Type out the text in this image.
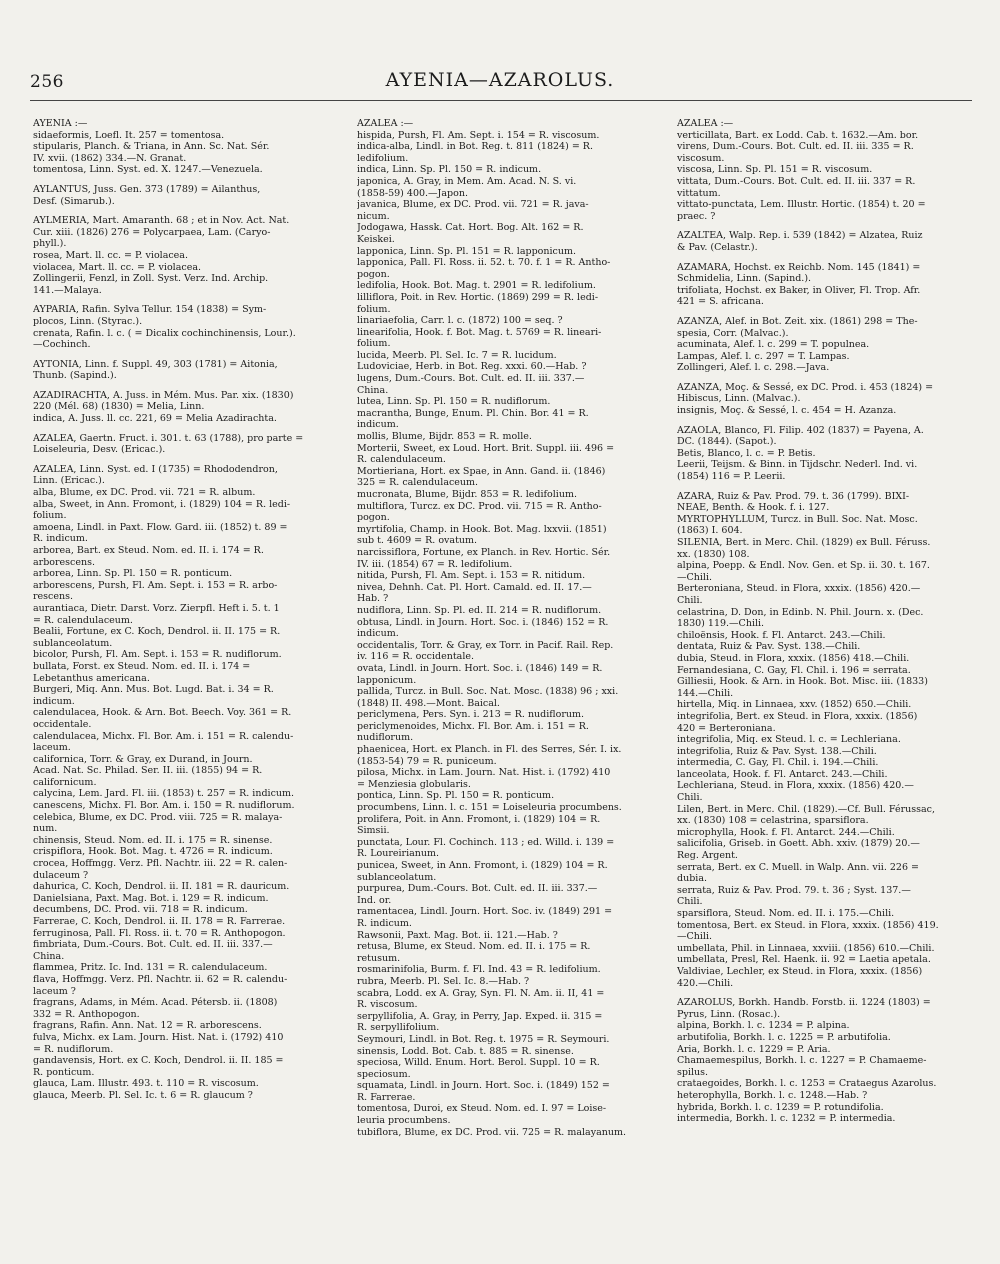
256	AYENIA—AZAROLUS.
AYENIA :—
sidaeformis, Loefl. It. 257 = tomentosa.
stipularis, Planch. & Triana, in Ann. Sc. Nat. Sér.
IV. xvii. (1862) 334.—N. Granat.
tomentosa, Linn. Syst. ed. X. 1247.—Venezuela.
AYLANTUS, Juss. Gen. 373 (1789) = Ailanthus,
Desf. (Simarub.).
AYLMERIA, Mart. Amaranth. 68 ; et in Nov. Act. Nat.
Cur. xiii. (1826) 276 = Polycarpaea, Lam. (Caryo-
phyll.).
rosea, Mart. ll. cc. = P. violacea.
violacea, Mart. ll. cc. = P. violacea.
Zollingerii, Fenzl, in Zoll. Syst. Verz. Ind. Archip.
141.—Malaya.
AYPARIA, Rafin. Sylva Tellur. 154 (1838) = Sym-
plocos, Linn. (Styrac.).
crenata, Rafin. l. c. ( = Dicalix cochinchinensis, Lour.).
—Cochinch.
AYTONIA, Linn. f. Suppl. 49, 303 (1781) = Aitonia,
Thunb. (Sapind.).
AZADIRACHTA, A. Juss. in Mém. Mus. Par. xix. (1830)
220 (Mél. 68) (1830) = Melia, Linn.
indica, A. Juss. ll. cc. 221, 69 = Melia Azadirachta.
AZALEA, Gaertn. Fruct. i. 301. t. 63 (1788), pro parte =
Loiseleuria, Desv. (Ericac.).
AZALEA, Linn. Syst. ed. I (1735) = Rhododendron,
Linn. (Ericac.).
alba, Blume, ex DC. Prod. vii. 721 = R. album.
alba, Sweet, in Ann. Fromont, i. (1829) 104 = R. ledi-
folium.
amoena, Lindl. in Paxt. Flow. Gard. iii. (1852) t. 89 =
R. indicum.
arborea, Bart. ex Steud. Nom. ed. II. i. 174 = R.
arborescens.
arborea, Linn. Sp. Pl. 150 = R. ponticum.
arborescens, Pursh, Fl. Am. Sept. i. 153 = R. arbo-
rescens.
aurantiaca, Dietr. Darst. Vorz. Zierpfl. Heft i. 5. t. 1
= R. calendulaceum.
Bealii, Fortune, ex C. Koch, Dendrol. ii. II. 175 = R.
sublanceolatum.
bicolor, Pursh, Fl. Am. Sept. i. 153 = R. nudiflorum.
bullata, Forst. ex Steud. Nom. ed. II. i. 174 =
Lebetanthus americana.
Burgeri, Miq. Ann. Mus. Bot. Lugd. Bat. i. 34 = R.
indicum.
calendulacea, Hook. & Arn. Bot. Beech. Voy. 361 = R.
occidentale.
calendulacea, Michx. Fl. Bor. Am. i. 151 = R. calendu-
laceum.
californica, Torr. & Gray, ex Durand, in Journ.
Acad. Nat. Sc. Philad. Ser. II. iii. (1855) 94 = R.
californicum.
calycina, Lem. Jard. Fl. iii. (1853) t. 257 = R. indicum.
canescens, Michx. Fl. Bor. Am. i. 150 = R. nudiflorum.
celebica, Blume, ex DC. Prod. viii. 725 = R. malaya-
num.
chinensis, Steud. Nom. ed. II. i. 175 = R. sinense.
crispiflora, Hook. Bot. Mag. t. 4726 = R. indicum.
crocea, Hoffmgg. Verz. Pfl. Nachtr. iii. 22 = R. calen-
dulaceum ?
dahurica, C. Koch, Dendrol. ii. II. 181 = R. dauricum.
Danielsiana, Paxt. Mag. Bot. i. 129 = R. indicum.
decumbens, DC. Prod. vii. 718 = R. indicum.
Farrerae, C. Koch, Dendrol. ii. II. 178 = R. Farrerae.
ferruginosa, Pall. Fl. Ross. ii. t. 70 = R. Anthopogon.
fimbriata, Dum.-Cours. Bot. Cult. ed. II. iii. 337.—
China.
flammea, Pritz. Ic. Ind. 131 = R. calendulaceum.
flava, Hoffmgg. Verz. Pfl. Nachtr. ii. 62 = R. calendu-
laceum ?
fragrans, Adams, in Mém. Acad. Pétersb. ii. (1808)
332 = R. Anthopogon.
fragrans, Rafin. Ann. Nat. 12 = R. arborescens.
fulva, Michx. ex Lam. Journ. Hist. Nat. i. (1792) 410
= R. nudiflorum.
gandavensis, Hort. ex C. Koch, Dendrol. ii. II. 185 =
R. ponticum.
glauca, Lam. Illustr. 493. t. 110 = R. viscosum.
glauca, Meerb. Pl. Sel. Ic. t. 6 = R. glaucum ?
AZALEA :—
hispida, Pursh, Fl. Am. Sept. i. 154 = R. viscosum.
indica-alba, Lindl. in Bot. Reg. t. 811 (1824) = R.
ledifolium.
indica, Linn. Sp. Pl. 150 = R. indicum.
japonica, A. Gray, in Mem. Am. Acad. N. S. vi.
(1858-59) 400.—Japon.
javanica, Blume, ex DC. Prod. vii. 721 = R. java-
nicum.
Jodogawa, Hassk. Cat. Hort. Bog. Alt. 162 = R.
Keiskei.
lapponica, Linn. Sp. Pl. 151 = R. lapponicum.
lapponica, Pall. Fl. Ross. ii. 52. t. 70. f. 1 = R. Antho-
pogon.
ledifolia, Hook. Bot. Mag. t. 2901 = R. ledifolium.
lilliflora, Poit. in Rev. Hortic. (1869) 299 = R. ledi-
folium.
linariaefolia, Carr. l. c. (1872) 100 = seq. ?
linearifolia, Hook. f. Bot. Mag. t. 5769 = R. lineari-
folium.
lucida, Meerb. Pl. Sel. Ic. 7 = R. lucidum.
Ludoviciae, Herb. in Bot. Reg. xxxi. 60.—Hab. ?
lugens, Dum.-Cours. Bot. Cult. ed. II. iii. 337.—
China.
lutea, Linn. Sp. Pl. 150 = R. nudiflorum.
macrantha, Bunge, Enum. Pl. Chin. Bor. 41 = R.
indicum.
mollis, Blume, Bijdr. 853 = R. molle.
Morterii, Sweet, ex Loud. Hort. Brit. Suppl. iii. 496 =
R. calendulaceum.
Mortieriana, Hort. ex Spae, in Ann. Gand. ii. (1846)
325 = R. calendulaceum.
mucronata, Blume, Bijdr. 853 = R. ledifolium.
multiflora, Turcz. ex DC. Prod. vii. 715 = R. Antho-
pogon.
myrtifolia, Champ. in Hook. Bot. Mag. lxxvii. (1851)
sub t. 4609 = R. ovatum.
narcissiflora, Fortune, ex Planch. in Rev. Hortic. Sér.
IV. iii. (1854) 67 = R. ledifolium.
nitida, Pursh, Fl. Am. Sept. i. 153 = R. nitidum.
nivea, Dehnh. Cat. Pl. Hort. Camald. ed. II. 17.—
Hab. ?
nudiflora, Linn. Sp. Pl. ed. II. 214 = R. nudiflorum.
obtusa, Lindl. in Journ. Hort. Soc. i. (1846) 152 = R.
indicum.
occidentalis, Torr. & Gray, ex Torr. in Pacif. Rail. Rep.
iv. 116 = R. occidentale.
ovata, Lindl. in Journ. Hort. Soc. i. (1846) 149 = R.
lapponicum.
pallida, Turcz. in Bull. Soc. Nat. Mosc. (1838) 96 ; xxi.
(1848) II. 498.—Mont. Baical.
periclymena, Pers. Syn. i. 213 = R. nudiflorum.
periclymenoides, Michx. Fl. Bor. Am. i. 151 = R.
nudiflorum.
phaenicea, Hort. ex Planch. in Fl. des Serres, Sér. I. ix.
(1853-54) 79 = R. puniceum.
pilosa, Michx. in Lam. Journ. Nat. Hist. i. (1792) 410
= Menziesia globularis.
pontica, Linn. Sp. Pl. 150 = R. ponticum.
procumbens, Linn. l. c. 151 = Loiseleuria procumbens.
prolifera, Poit. in Ann. Fromont, i. (1829) 104 = R.
Simsii.
punctata, Lour. Fl. Cochinch. 113 ; ed. Willd. i. 139 =
R. Loureirianum.
punicea, Sweet, in Ann. Fromont, i. (1829) 104 = R.
sublanceolatum.
purpurea, Dum.-Cours. Bot. Cult. ed. II. iii. 337.—
Ind. or.
ramentacea, Lindl. Journ. Hort. Soc. iv. (1849) 291 =
R. indicum.
Rawsonii, Paxt. Mag. Bot. ii. 121.—Hab. ?
retusa, Blume, ex Steud. Nom. ed. II. i. 175 = R.
retusum.
rosmarinifolia, Burm. f. Fl. Ind. 43 = R. ledifolium.
rubra, Meerb. Pl. Sel. Ic. 8.—Hab. ?
scabra, Lodd. ex A. Gray, Syn. Fl. N. Am. ii. II, 41 =
R. viscosum.
serpyllifolia, A. Gray, in Perry, Jap. Exped. ii. 315 =
R. serpyllifolium.
Seymouri, Lindl. in Bot. Reg. t. 1975 = R. Seymouri.
sinensis, Lodd. Bot. Cab. t. 885 = R. sinense.
speciosa, Willd. Enum. Hort. Berol. Suppl. 10 = R.
speciosum.
squamata, Lindl. in Journ. Hort. Soc. i. (1849) 152 =
R. Farrerae.
tomentosa, Duroi, ex Steud. Nom. ed. I. 97 = Loise-
leuria procumbens.
tubiflora, Blume, ex DC. Prod. vii. 725 = R. malayanum.
AZALEA :—
verticillata, Bart. ex Lodd. Cab. t. 1632.—Am. bor.
virens, Dum.-Cours. Bot. Cult. ed. II. iii. 335 = R.
viscosum.
viscosa, Linn. Sp. Pl. 151 = R. viscosum.
vittata, Dum.-Cours. Bot. Cult. ed. II. iii. 337 = R.
vittatum.
vittato-punctata, Lem. Illustr. Hortic. (1854) t. 20 =
praec. ?
AZALTEA, Walp. Rep. i. 539 (1842) = Alzatea, Ruiz
& Pav. (Celastr.).
AZAMARA, Hochst. ex Reichb. Nom. 145 (1841) =
Schmidelia, Linn. (Sapind.).
trifoliata, Hochst. ex Baker, in Oliver, Fl. Trop. Afr.
421 = S. africana.
AZANZA, Alef. in Bot. Zeit. xix. (1861) 298 = The-
spesia, Corr. (Malvac.).
acuminata, Alef. l. c. 299 = T. populnea.
Lampas, Alef. l. c. 297 = T. Lampas.
Zollingeri, Alef. l. c. 298.—Java.
AZANZA, Moç. & Sessé, ex DC. Prod. i. 453 (1824) =
Hibiscus, Linn. (Malvac.).
insignis, Moç. & Sessé, l. c. 454 = H. Azanza.
AZAOLA, Blanco, Fl. Filip. 402 (1837) = Payena, A.
DC. (1844). (Sapot.).
Betis, Blanco, l. c. = P. Betis.
Leerii, Teijsm. & Binn. in Tijdschr. Nederl. Ind. vi.
(1854) 116 = P. Leerii.
AZARA, Ruiz & Pav. Prod. 79. t. 36 (1799). BIXI-
NEAE, Benth. & Hook. f. i. 127.
MYRTOPHYLLUM, Turcz. in Bull. Soc. Nat. Mosc.
(1863) I. 604.
SILENIA, Bert. in Merc. Chil. (1829) ex Bull. Féruss.
xx. (1830) 108.
alpina, Poepp. & Endl. Nov. Gen. et Sp. ii. 30. t. 167.
—Chili.
Berteroniana, Steud. in Flora, xxxix. (1856) 420.—
Chili.
celastrina, D. Don, in Edinb. N. Phil. Journ. x. (Dec.
1830) 119.—Chili.
chiloënsis, Hook. f. Fl. Antarct. 243.—Chili.
dentata, Ruiz & Pav. Syst. 138.—Chili.
dubia, Steud. in Flora, xxxix. (1856) 418.—Chili.
Fernandesiana, C. Gay, Fl. Chil. i. 196 = serrata.
Gilliesii, Hook. & Arn. in Hook. Bot. Misc. iii. (1833)
144.—Chili.
hirtella, Miq. in Linnaea, xxv. (1852) 650.—Chili.
integrifolia, Bert. ex Steud. in Flora, xxxix. (1856)
420 = Berteroniana.
integrifolia, Miq. ex Steud. l. c. = Lechleriana.
integrifolia, Ruiz & Pav. Syst. 138.—Chili.
intermedia, C. Gay, Fl. Chil. i. 194.—Chili.
lanceolata, Hook. f. Fl. Antarct. 243.—Chili.
Lechleriana, Steud. in Flora, xxxix. (1856) 420.—
Chili.
Lilen, Bert. in Merc. Chil. (1829).—Cf. Bull. Férussac,
xx. (1830) 108 = celastrina, sparsiflora.
microphylla, Hook. f. Fl. Antarct. 244.—Chili.
salicifolia, Griseb. in Goett. Abh. xxiv. (1879) 20.—
Reg. Argent.
serrata, Bert. ex C. Muell. in Walp. Ann. vii. 226 =
dubia.
serrata, Ruiz & Pav. Prod. 79. t. 36 ; Syst. 137.—
Chili.
sparsiflora, Steud. Nom. ed. II. i. 175.—Chili.
tomentosa, Bert. ex Steud. in Flora, xxxix. (1856) 419.
—Chili.
umbellata, Phil. in Linnaea, xxviii. (1856) 610.—Chili.
umbellata, Presl, Rel. Haenk. ii. 92 = Laetia apetala.
Valdiviae, Lechler, ex Steud. in Flora, xxxix. (1856)
420.—Chili.
AZAROLUS, Borkh. Handb. Forstb. ii. 1224 (1803) =
Pyrus, Linn. (Rosac.).
alpina, Borkh. l. c. 1234 = P. alpina.
arbutifolia, Borkh. l. c. 1225 = P. arbutifolia.
Aria, Borkh. l. c. 1229 = P. Aria.
Chamaemespilus, Borkh. l. c. 1227 = P. Chamaeme-
spilus.
crataegoides, Borkh. l. c. 1253 = Crataegus Azarolus.
heterophylla, Borkh. l. c. 1248.—Hab. ?
hybrida, Borkh. l. c. 1239 = P. rotundifolia.
intermedia, Borkh. l. c. 1232 = P. intermedia.
